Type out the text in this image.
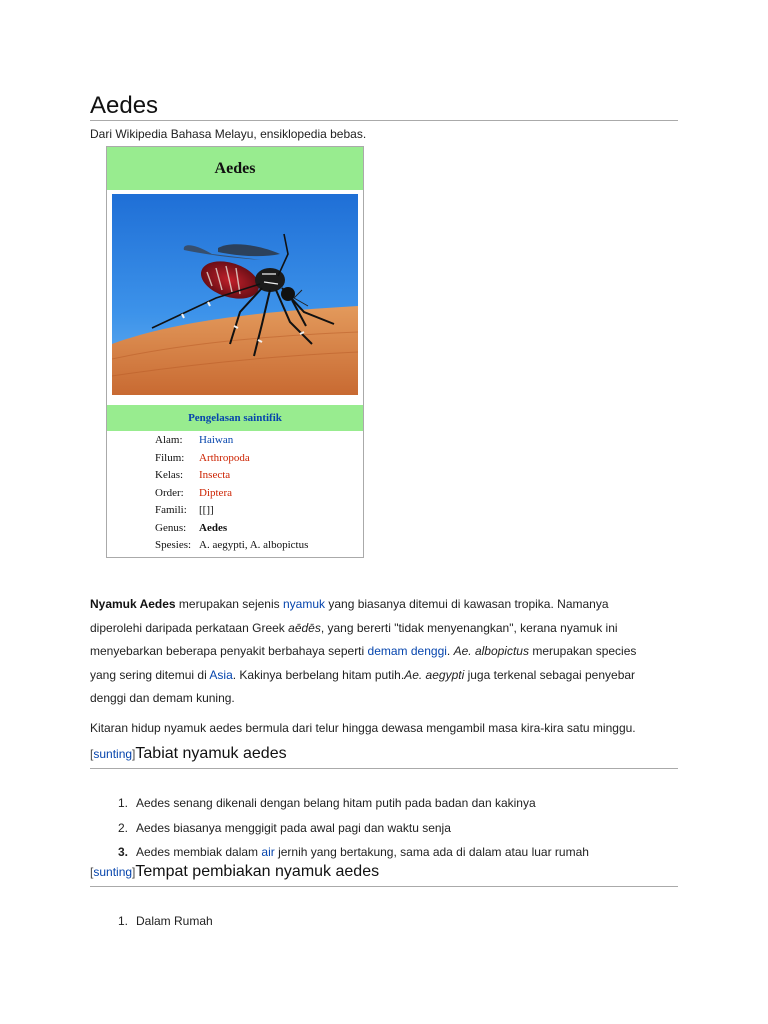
Aedes
Dari Wikipedia Bahasa Melayu, ensiklopedia bebas.
Aedes
Pengelasan saintifik
Alam: Haiwan
Filum: Arthropoda
Kelas: Insecta
Order: Diptera
Famili: [[]]
Genus: Aedes
Spesies: A. aegypti, A. albopictus
Nyamuk Aedes merupakan sejenis nyamuk yang biasanya ditemui di kawasan tropika. Namanya
diperolehi daripada perkataan Greek aēdēs, yang bererti "tidak menyenangkan", kerana nyamuk ini
menyebarkan beberapa penyakit berbahaya seperti demam denggi. Ae. albopictus merupakan species
yang sering ditemui di Asia. Kakinya berbelang hitam putih.Ae. aegypti juga terkenal sebagai penyebar
denggi dan demam kuning.
Kitaran hidup nyamuk aedes bermula dari telur hingga dewasa mengambil masa kira-kira satu minggu.
[sunting]Tabiat nyamuk aedes
1. Aedes senang dikenali dengan belang hitam putih pada badan dan kakinya
2. Aedes biasanya menggigit pada awal pagi dan waktu senja
3. Aedes membiak dalam air jernih yang bertakung, sama ada di dalam atau luar rumah
[sunting]Tempat pembiakan nyamuk aedes
1. Dalam Rumah
